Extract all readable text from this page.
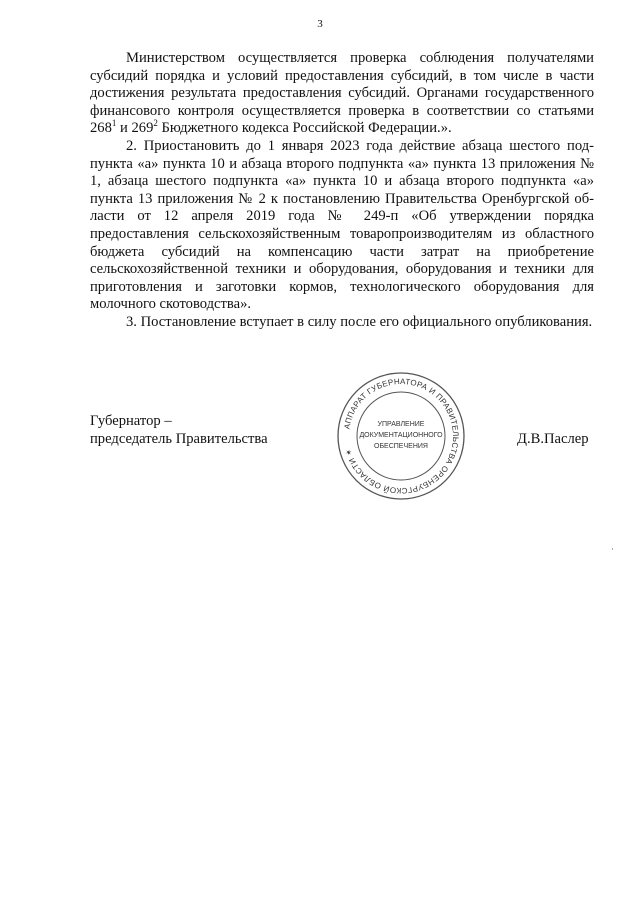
3

Министерством осуществляется проверка соблюдения получателями субсидий порядка и условий предоставления субсидий, в том числе в части достижения результата предоставления субсидий. Органами государственного финансового контроля осуществляется проверка в соответствии со статьями $268^1$ и $269^2$ Бюджетного кодекса Российской Федерации.».

2. Приостановить до 1 января 2023 года действие абзаца шестого подпункта «а» пункта 10 и абзаца второго подпункта «а» пункта 13 приложения № 1, абзаца шестого подпункта «а» пункта 10 и абзаца второго подпункта «а» пункта 13 приложения № 2 к постановлению Правительства Оренбургской области от 12 апреля 2019 года № 249-п «Об утверждении порядка предоставления сельскохозяйственным товаропроизводителям из областного бюджета субсидий на компенсацию части затрат на приобретение сельскохозяйственной техники и оборудования, оборудования и техники для приготовления и заготовки кормов, технологического оборудования для молочного скотоводства».

3. Постановление вступает в силу после его официального опубликования.

Губернатор –
председатель Правительства	Д.В.Паслер
АППАРАТ ГУБЕРНАТОРА И ПРАВИТЕЛЬСТВА ОРЕНБУРГСКОЙ ОБЛАСТИ ✶
УПРАВЛЕНИЕ
ДОКУМЕНТАЦИОННОГО
ОБЕСПЕЧЕНИЯ
